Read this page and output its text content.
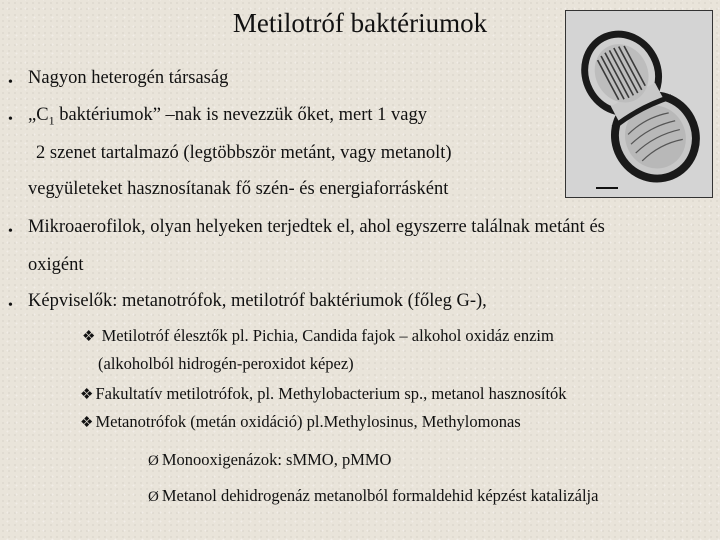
Metilotróf baktériumok
• Nagyon heterogén társaság
• $„C_1$ baktériumok” –nak is nevezzük őket, mert 1 vagy
2 szenet tartalmazó (legtöbbször metánt, vagy metanolt)
vegyületeket hasznosítanak fő szén- és energiaforrásként
• Mikroaerofilok, olyan helyeken terjedtek el, ahol egyszerre találnak metánt és
oxigént
• Képviselők: metanotrófok, metilotróf baktériumok (főleg G-),
❖ Metilotróf élesztők pl. Pichia, Candida fajok – alkohol oxidáz enzim
(alkoholból hidrogén-peroxidot képez)
❖ Fakultatív metilotrófok, pl. Methylobacterium sp., metanol hasznosítók
❖ Metanotrófok (metán oxidáció) pl.Methylosinus, Methylomonas
Ø Monooxigenázok: sMMO, pMMO
Ø Metanol dehidrogenáz metanolból formaldehid képzést katalizálja
